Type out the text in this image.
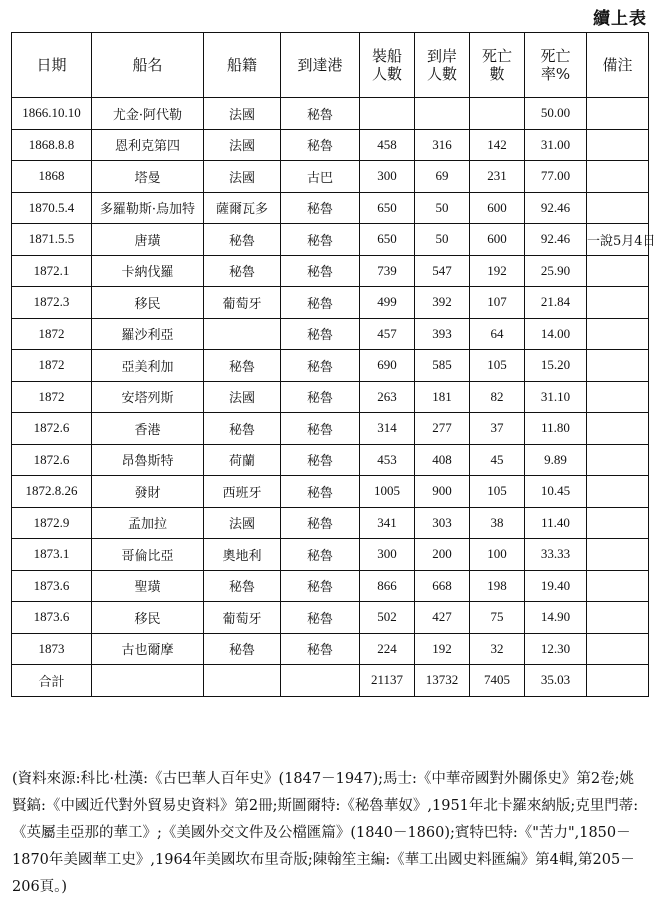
續上表
日期	船名	船籍	到達港	裝船人數	到岸人數	死亡數	死亡率%	備注
1866.10.10	尤金·阿代勒	法國	秘魯				50.00	
1868.8.8	恩利克第四	法國	秘魯	458	316	142	31.00	
1868	塔曼	法國	古巴	300	69	231	77.00	
1870.5.4	多羅勒斯·烏加特	薩爾瓦多	秘魯	650	50	600	92.46	
1871.5.5	唐璜	秘魯	秘魯	650	50	600	92.46	一說5月4日
1872.1	卡納伐羅	秘魯	秘魯	739	547	192	25.90	
1872.3	移民	葡萄牙	秘魯	499	392	107	21.84	
1872	羅沙利亞		秘魯	457	393	64	14.00	
1872	亞美利加	秘魯	秘魯	690	585	105	15.20	
1872	安塔列斯	法國	秘魯	263	181	82	31.10	
1872.6	香港	秘魯	秘魯	314	277	37	11.80	
1872.6	昂魯斯特	荷蘭	秘魯	453	408	45	9.89	
1872.8.26	發財	西班牙	秘魯	1005	900	105	10.45	
1872.9	孟加拉	法國	秘魯	341	303	38	11.40	
1873.1	哥倫比亞	奧地利	秘魯	300	200	100	33.33	
1873.6	聖璜	秘魯	秘魯	866	668	198	19.40	
1873.6	移民	葡萄牙	秘魯	502	427	75	14.90	
1873	古也爾摩	秘魯	秘魯	224	192	32	12.30	
合計				21137	13732	7405	35.03	
(資料來源:科比·杜漢:《古巴華人百年史》(1847－1947);馬士:《中華帝國對外關係史》第2卷;姚賢鎬:《中國近代對外貿易史資料》第2冊;斯圖爾特:《秘魯華奴》,1951年北卡羅來納版;克里門蒂:《英屬圭亞那的華工》;《美國外交文件及公檔匯篇》(1840－1860);賓特巴特:《"苦力",1850－1870年美國華工史》,1964年美國坎布里奇版;陳翰笙主編:《華工出國史料匯編》第4輯,第205－206頁。)
